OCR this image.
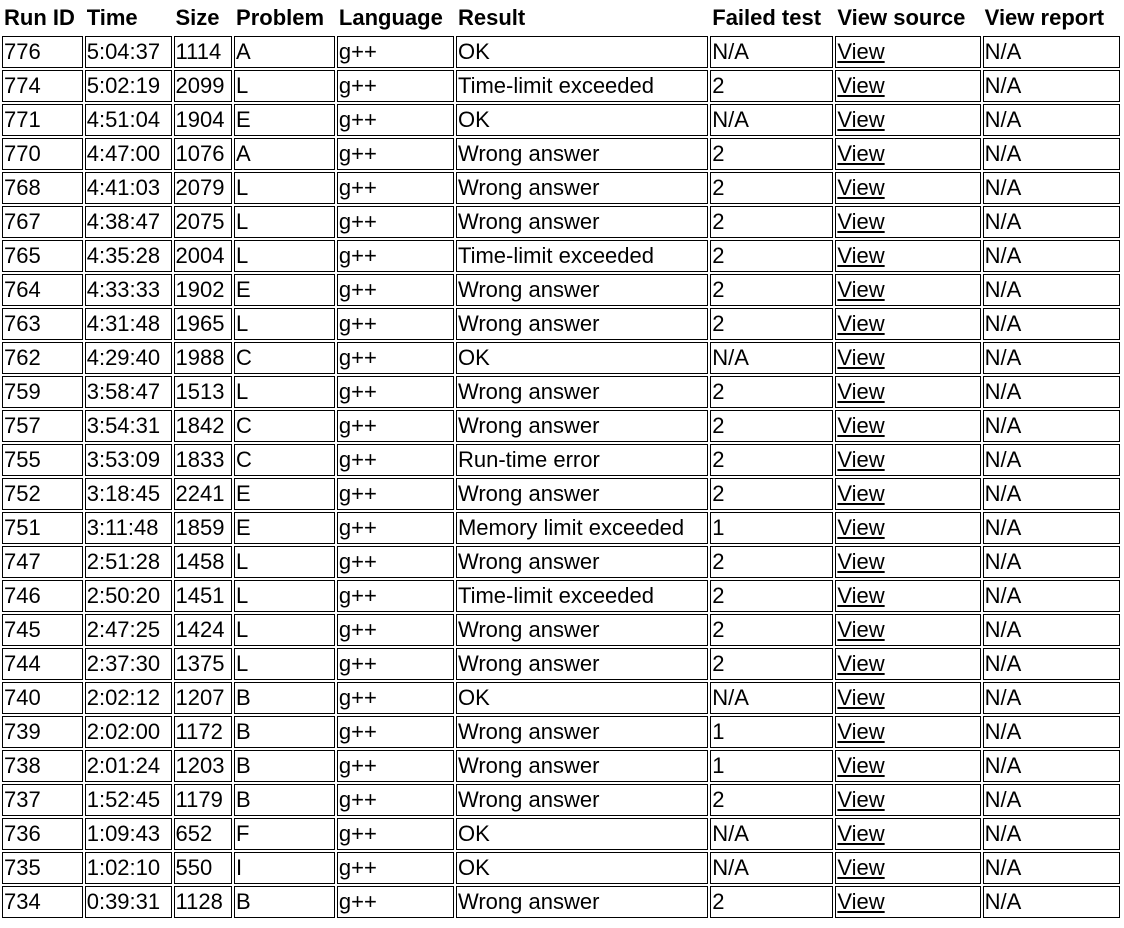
Run ID	Time	Size	Problem	Language	Result	Failed test	View source	View report
776	5:04:37	1114	A	g++	OK	N/A	View	N/A
774	5:02:19	2099	L	g++	Time-limit exceeded	2	View	N/A
771	4:51:04	1904	E	g++	OK	N/A	View	N/A
770	4:47:00	1076	A	g++	Wrong answer	2	View	N/A
768	4:41:03	2079	L	g++	Wrong answer	2	View	N/A
767	4:38:47	2075	L	g++	Wrong answer	2	View	N/A
765	4:35:28	2004	L	g++	Time-limit exceeded	2	View	N/A
764	4:33:33	1902	E	g++	Wrong answer	2	View	N/A
763	4:31:48	1965	L	g++	Wrong answer	2	View	N/A
762	4:29:40	1988	C	g++	OK	N/A	View	N/A
759	3:58:47	1513	L	g++	Wrong answer	2	View	N/A
757	3:54:31	1842	C	g++	Wrong answer	2	View	N/A
755	3:53:09	1833	C	g++	Run-time error	2	View	N/A
752	3:18:45	2241	E	g++	Wrong answer	2	View	N/A
751	3:11:48	1859	E	g++	Memory limit exceeded	1	View	N/A
747	2:51:28	1458	L	g++	Wrong answer	2	View	N/A
746	2:50:20	1451	L	g++	Time-limit exceeded	2	View	N/A
745	2:47:25	1424	L	g++	Wrong answer	2	View	N/A
744	2:37:30	1375	L	g++	Wrong answer	2	View	N/A
740	2:02:12	1207	B	g++	OK	N/A	View	N/A
739	2:02:00	1172	B	g++	Wrong answer	1	View	N/A
738	2:01:24	1203	B	g++	Wrong answer	1	View	N/A
737	1:52:45	1179	B	g++	Wrong answer	2	View	N/A
736	1:09:43	652	F	g++	OK	N/A	View	N/A
735	1:02:10	550	I	g++	OK	N/A	View	N/A
734	0:39:31	1128	B	g++	Wrong answer	2	View	N/A
